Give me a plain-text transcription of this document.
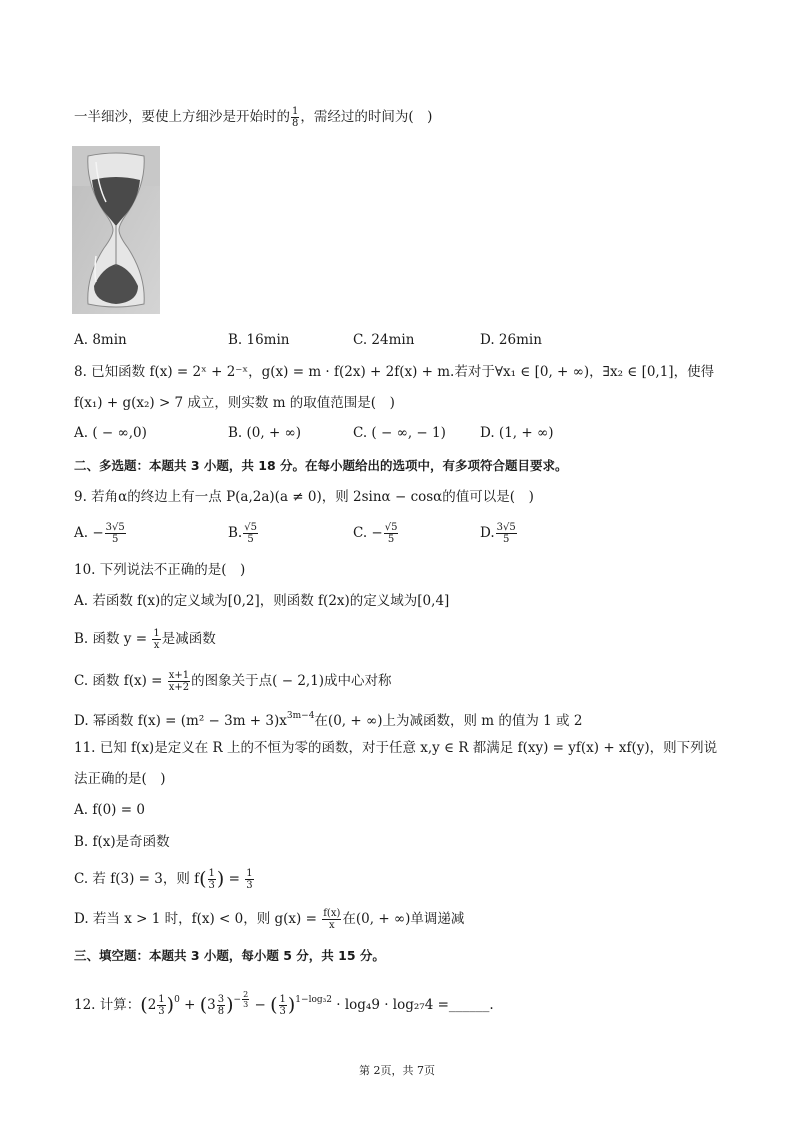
一半细沙，要使上方细沙是开始时的 $\frac{1}{8}$ ，需经过的时间为(　)
A. 8min	B. 16min	C. 24min	D. 26min
8. 已知函数 f(x) = 2ˣ + 2⁻ˣ，g(x) = m · f(2x) + 2f(x) + m.若对于∀x₁ ∈ [0, + ∞)，∃x₂ ∈ [0,1]，使得
f(x₁) + g(x₂) > 7 成立，则实数 m 的取值范围是(　)
A. ( − ∞,0)	B. (0, + ∞)	C. ( − ∞, − 1)	D. (1, + ∞)
二、多选题：本题共 3 小题，共 18 分。在每小题给出的选项中，有多项符合题目要求。
9. 若角α的终边上有一点 P(a,2a)(a ≠ 0)，则 2sinα − cosα的值可以是(　)
A. − $\frac{3√5}{5}$	B. $\frac{√5}{5}$	C. − $\frac{√5}{5}$	D. $\frac{3√5}{5}$
10. 下列说法不正确的是(　)
A. 若函数 f(x)的定义域为[0,2]，则函数 f(2x)的定义域为[0,4]
B. 函数 $y = \frac{1}{x}$ 是减函数
C. 函数 $f(x) = \frac{x+1}{x+2}$ 的图象关于点( − 2,1)成中心对称
D. 幂函数 $f(x) = (m^2 - 3m + 3)x^{3m-4}$在(0, + ∞)上为减函数，则 m 的值为 1 或 2
11. 已知 f(x)是定义在 R 上的不恒为零的函数，对于任意 x,y ∈ R 都满足 f(xy) = yf(x) + xf(y)，则下列说
法正确的是(　)
A. f(0) = 0
B. f(x)是奇函数
C. 若 f(3) = 3，则 $f( \frac{1}{3}$ ) = $\frac{1}{3}$
D. 若当 x > 1 时，f(x) < 0，则 $g(x) = \frac{f(x)}{x}$ 在(0, + ∞)单调递减
三、填空题：本题共 3 小题，每小题 5 分，共 15 分。
12. 计算：$(2 \frac{1}{3} )^0 + (3 \frac{3}{8} )^{- \frac{2}{3}}$ − ( $\frac{1}{3} )^{1-log_32} \cdot \log_49 \cdot \log_{27}4$ =______.
第 2页，共 7页
